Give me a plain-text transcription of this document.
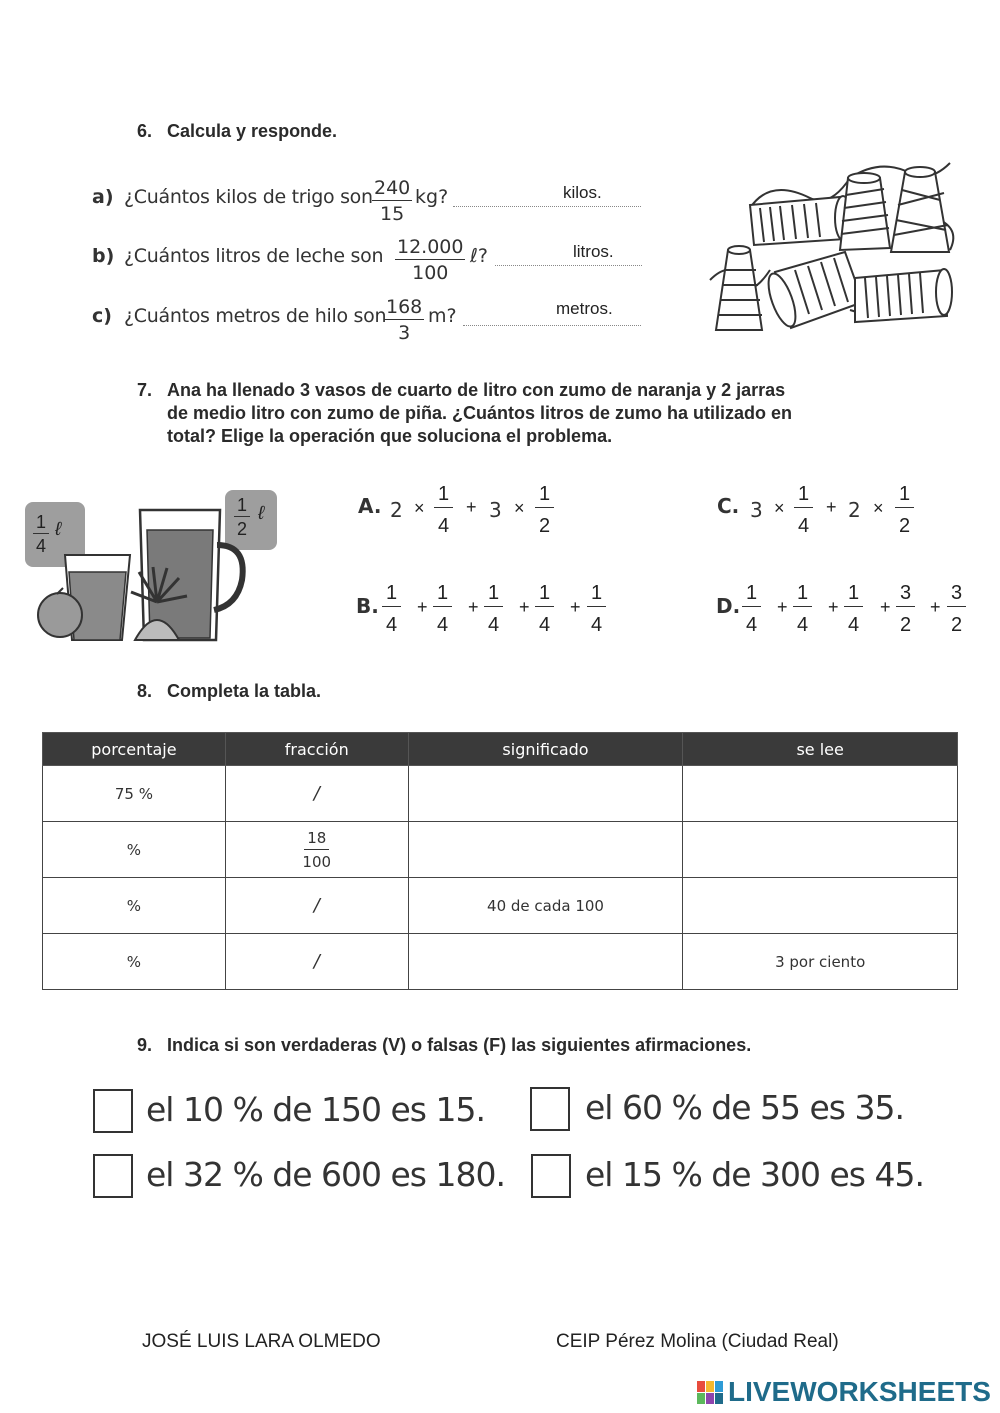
6. Calcula y responde.
a) ¿Cuántos kilos de trigo son $\frac{240}{15}$ kg?	kilos.
b) ¿Cuántos litros de leche son $\frac{12.000}{100}$ ℓ?	litros.
c) ¿Cuántos metros de hilo son
$\frac{168}{3} m$?	metros.
7. Ana ha llenado 3 vasos de cuarto de litro con zumo de naranja y 2 jarras
de medio litro con zumo de piña. ¿Cuántos litros de zumo ha utilizado en
total? Elige la operación que soluciona el problema.
1
4
ℓ
1
2
ℓ	A. 2 ×
1
4
+ 3 ×
1
2
C. 3 ×
1
4
+ 2 ×
1
2
B.
1
4
+
1
4
+
1
4
+
1
4
+
1
4
D.
1
4
+
1
4
+
1
4
+
3
2
+
3
2
8. Completa la tabla.
porcentaje	fracción	significado	se lee
75 %	/		
%	$\frac{18}{100}$

%	/	40 de cada 100	
%	/		3 por ciento
9. Indica si son verdaderas (V) o falsas (F) las siguientes afirmaciones.
el 10 % de 150 es 15.	el 60 % de 55 es 35.
el 32 % de 600 es 180. el 15 % de 300 es 45.
JOSÉ LUIS LARA OLMEDO	CEIP Pérez Molina (Ciudad Real)
LIVEWORKSHEETS
